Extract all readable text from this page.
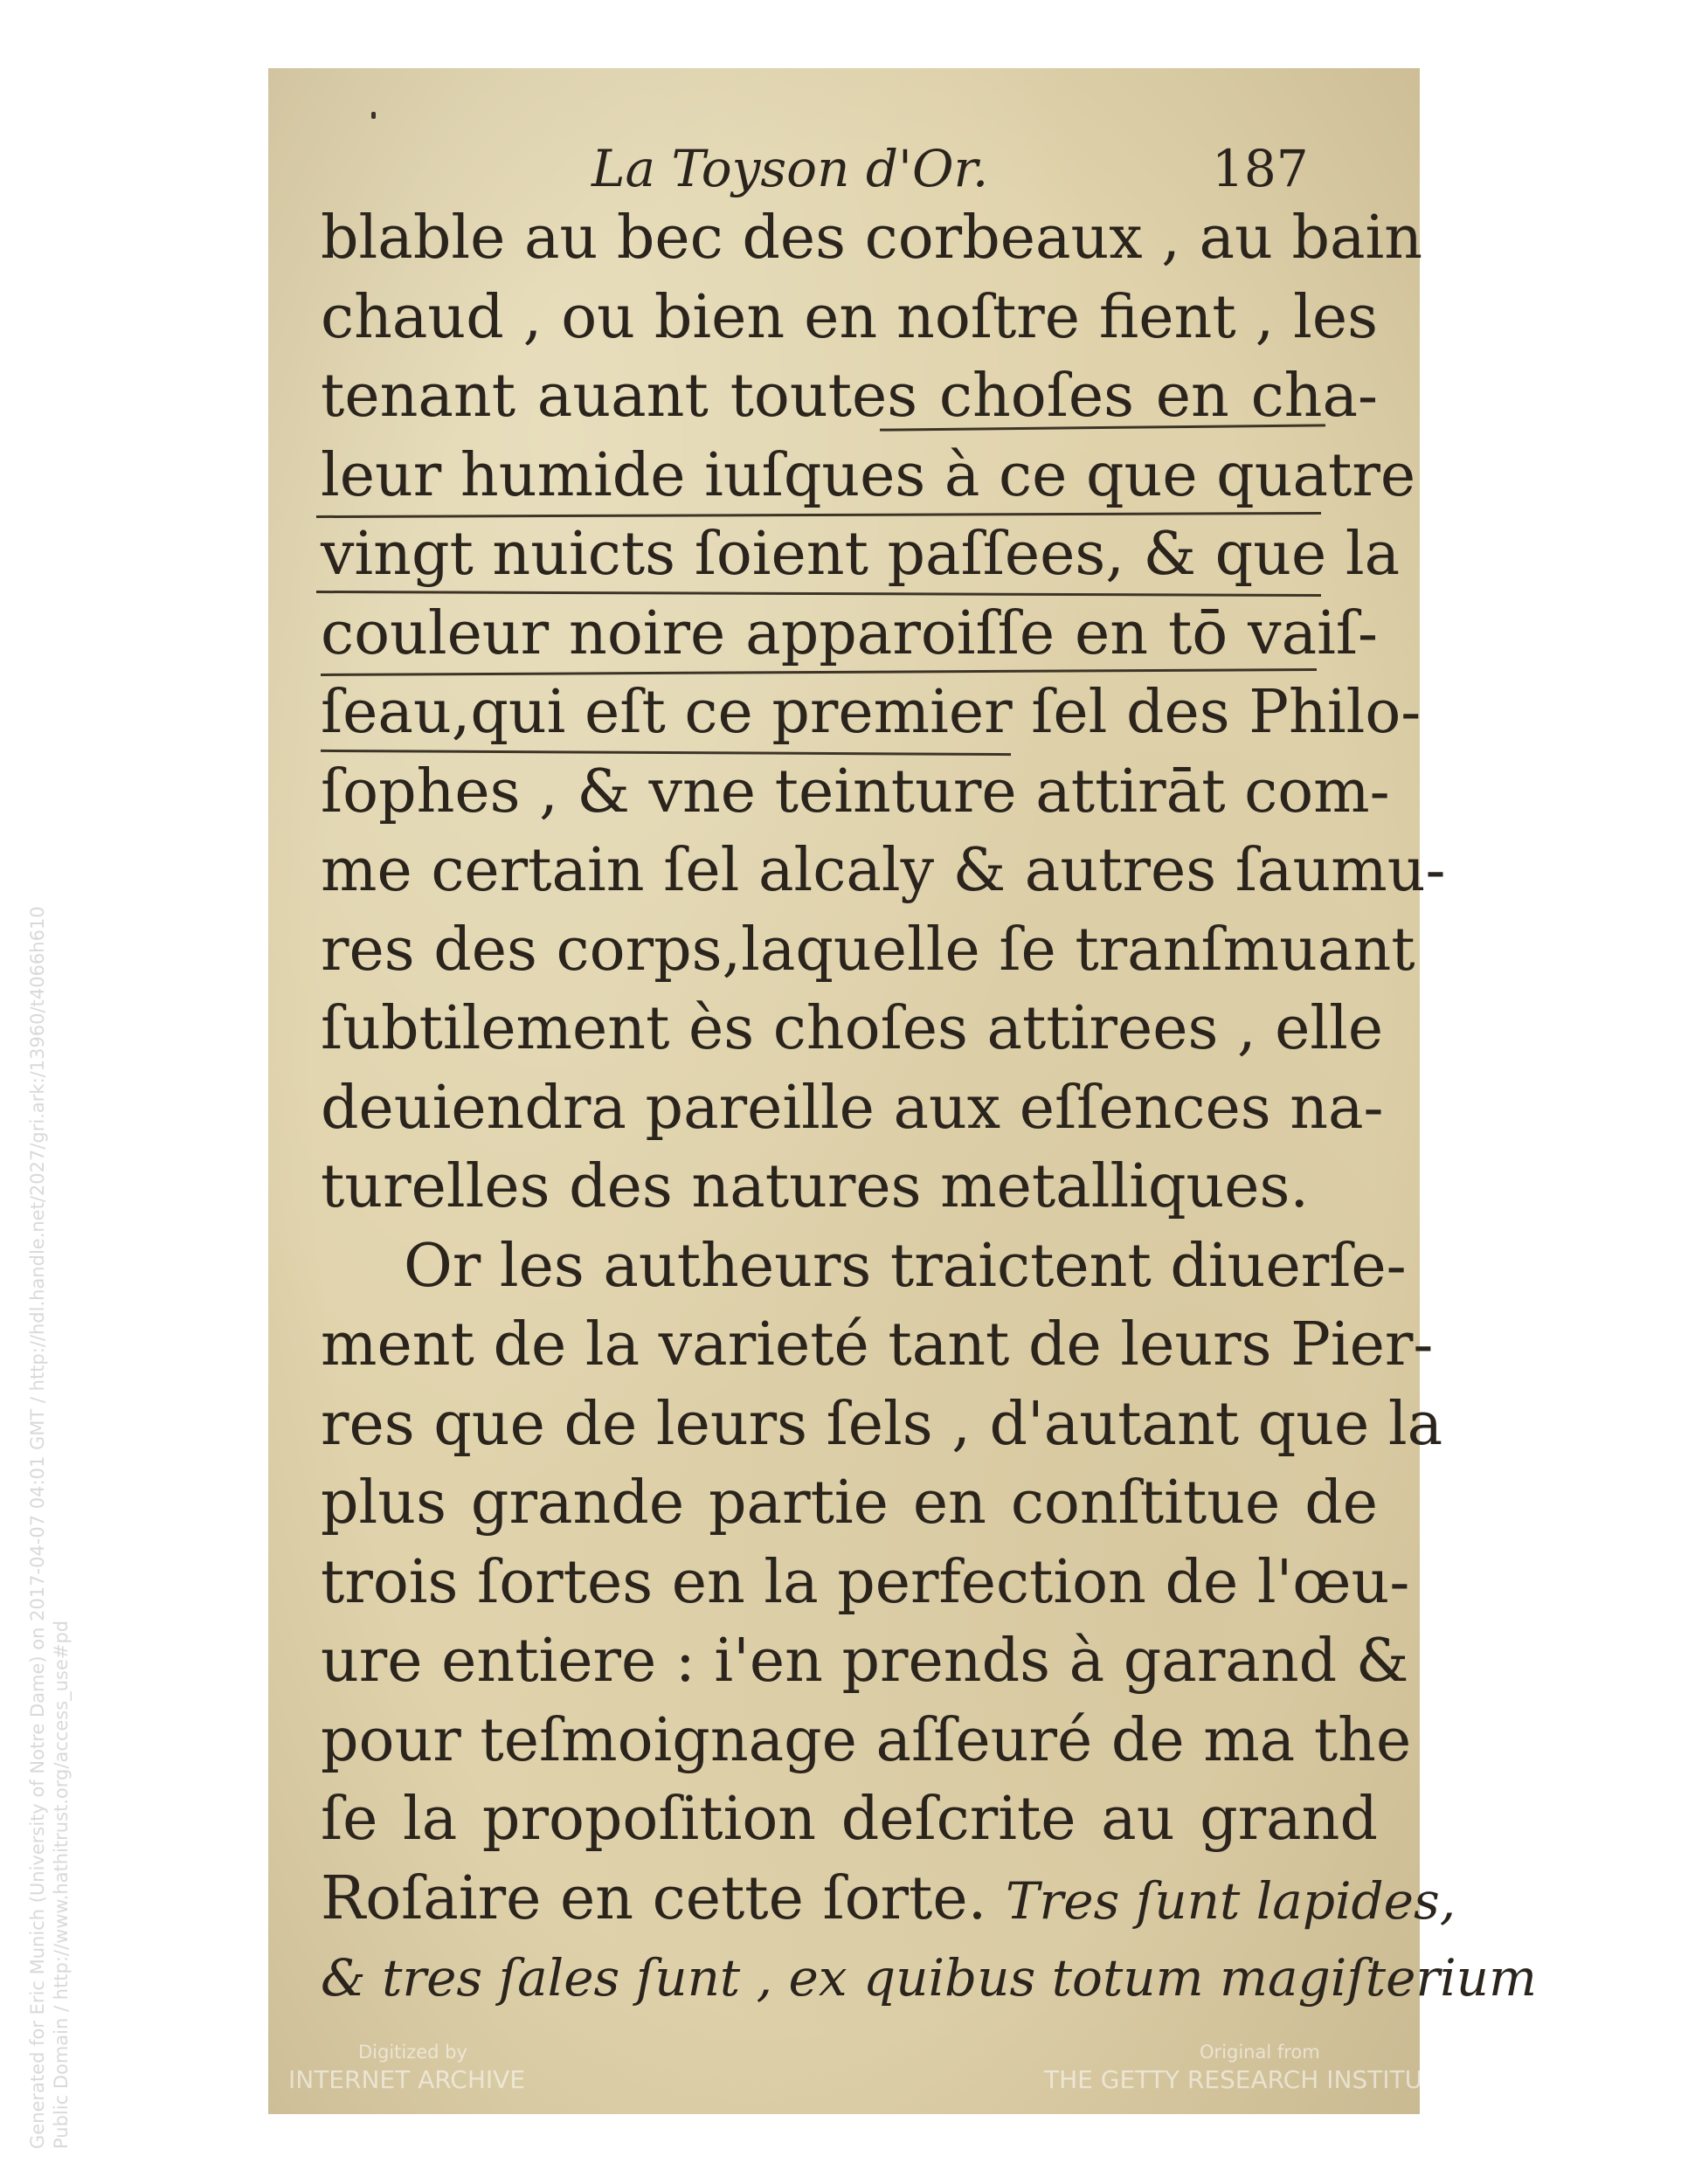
Generated for Eric Munich (University of Notre Dame) on 2017-04-07 04:01 GMT / http://hdl.handle.net/2027/gri.ark:/13960/t4066h610 Public Domain / http://www.hathitrust.org/access_use#pd
La Toyson d'Or.	187
blable au bec des corbeaux , au bain
chaud , ou bien en noſtre fient , les
tenant auant toutes choſes en cha-
leur humide iuſques à ce que quatre
vingt nuicts ſoient paſſees, & que la
couleur noire apparoiſſe en tō vaiſ-
ſeau,qui eſt ce premier ſel des Philo-
ſophes , & vne teinture attirāt com-
me certain ſel alcaly & autres ſaumu-
res des corps,laquelle ſe tranſmuant
ſubtilement ès choſes attirees , elle
deuiendra pareille aux eſſences na-
turelles des natures metalliques.
Or les autheurs traictent diuerſe-
ment de la varieté tant de leurs Pier-
res que de leurs ſels , d'autant que la
plus grande partie en conſtitue de
trois ſortes en la perfection de l'œu-
ure entiere : i'en prends à garand &
pour teſmoignage aſſeuré de ma the
ſe la propoſition deſcrite au grand
Roſaire en cette ſorte. Tres ſunt lapides,
& tres ſales ſunt , ex quibus totum magiſterium
Digitized by
INTERNET ARCHIVE
Original from
THE GETTY RESEARCH INSTITUTE
